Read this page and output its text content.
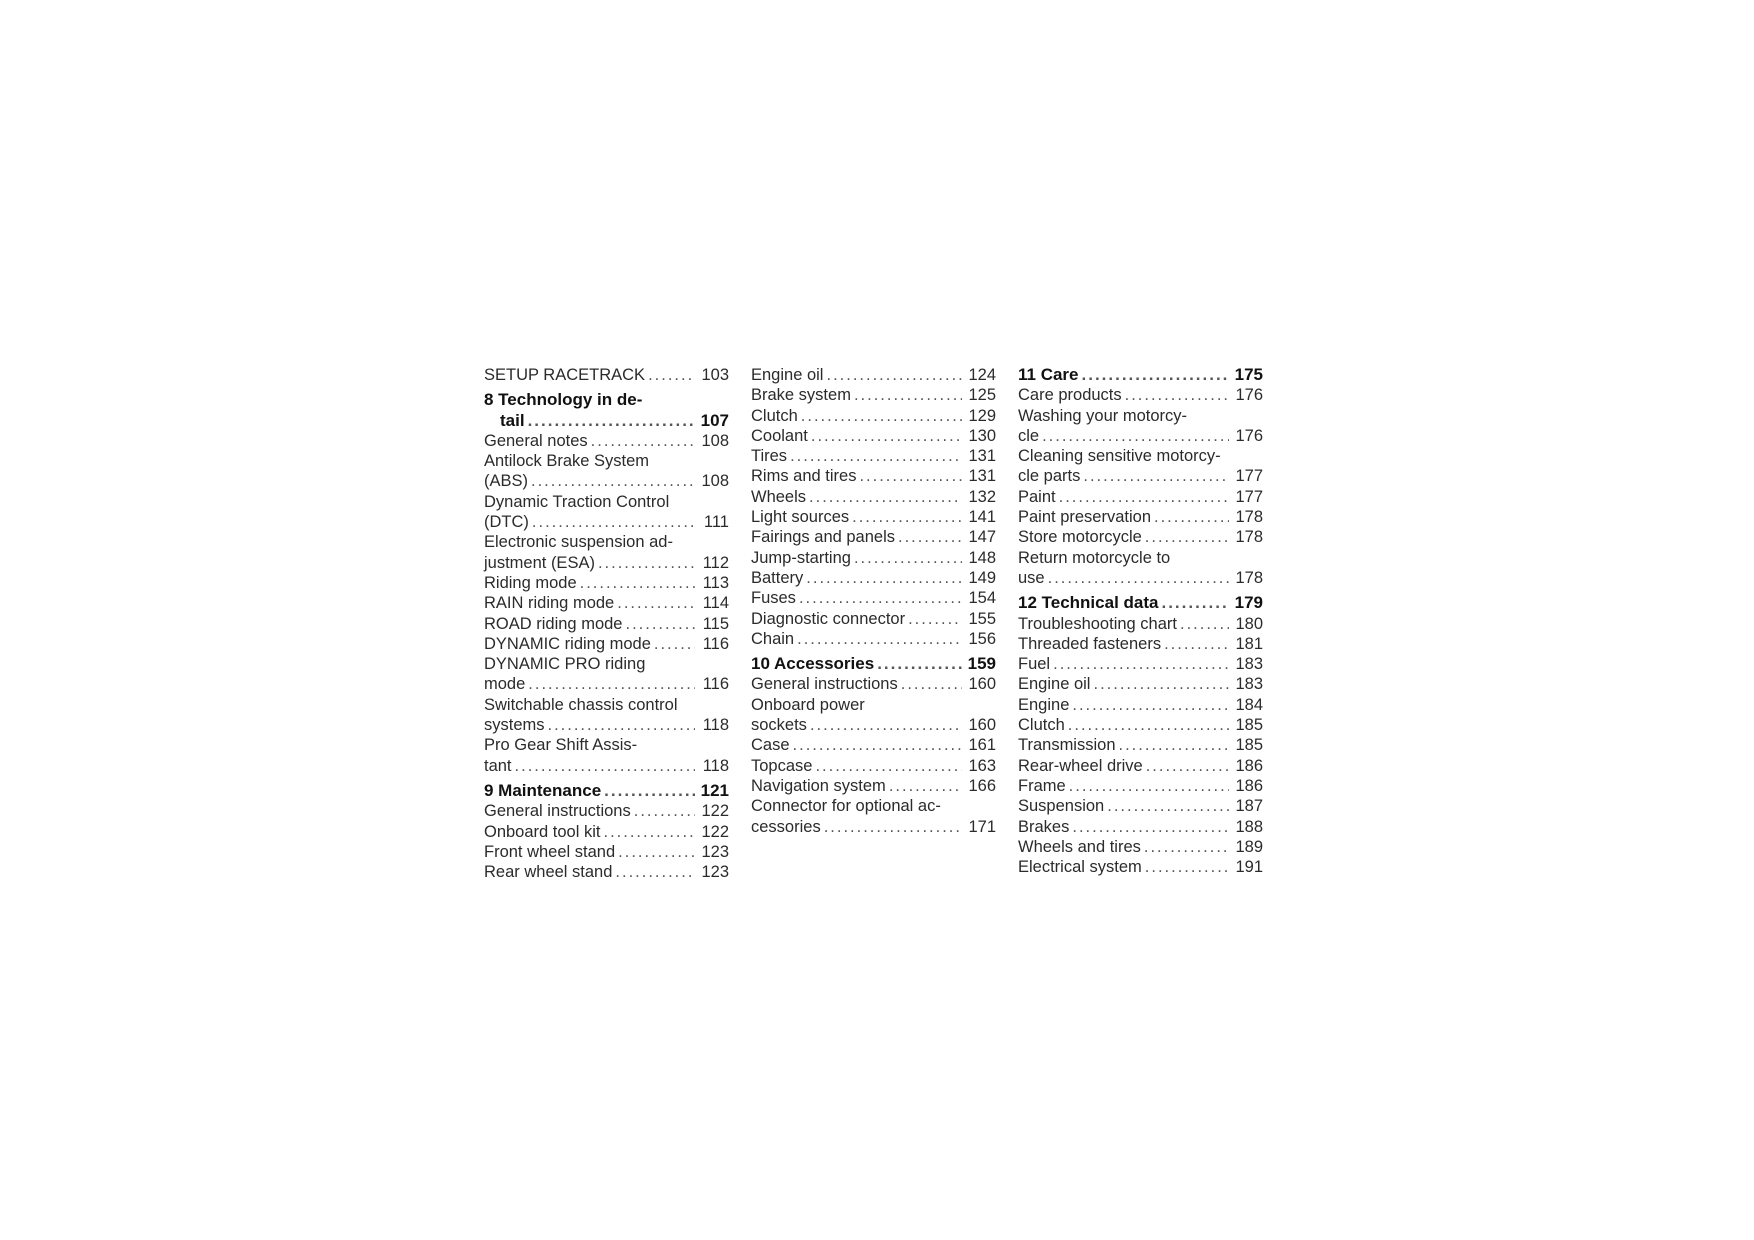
SETUP RACETRACK .....	103
8 Technology in de-
tail .....	107
General notes .....	108
Antilock Brake System
(ABS) .....	108
Dynamic Traction Control
(DTC) .....	111
Electronic suspension ad-
justment (ESA) .....	112
Riding mode .....	113
RAIN riding mode .....	114
ROAD riding mode .....	115
DYNAMIC riding mode .....	116
DYNAMIC PRO riding
mode .....	116
Switchable chassis control
systems .....	118
Pro Gear Shift Assis-
tant .....	118
9 Maintenance .....	121
General instructions .....	122
Onboard tool kit .....	122
Front wheel stand .....	123
Rear wheel stand .....	123
Engine oil .....	124
Brake system .....	125
Clutch .....	129
Coolant .....	130
Tires .....	131
Rims and tires .....	131
Wheels .....	132
Light sources .....	141
Fairings and panels .....	147
Jump-starting .....	148
Battery .....	149
Fuses .....	154
Diagnostic connector .....	155
Chain .....	156
10 Accessories .....	159
General instructions .....	160
Onboard power
sockets .....	160
Case .....	161
Topcase .....	163
Navigation system .....	166
Connector for optional ac-
cessories .....	171
11 Care .....	175
Care products .....	176
Washing your motorcy-
cle .....	176
Cleaning sensitive motorcy-
cle parts .....	177
Paint .....	177
Paint preservation .....	178
Store motorcycle .....	178
Return motorcycle to
use .....	178
12 Technical data .....	179
Troubleshooting chart .....	180
Threaded fasteners .....	181
Fuel .....	183
Engine oil .....	183
Engine .....	184
Clutch .....	185
Transmission .....	185
Rear-wheel drive .....	186
Frame .....	186
Suspension .....	187
Brakes .....	188
Wheels and tires .....	189
Electrical system .....	191
